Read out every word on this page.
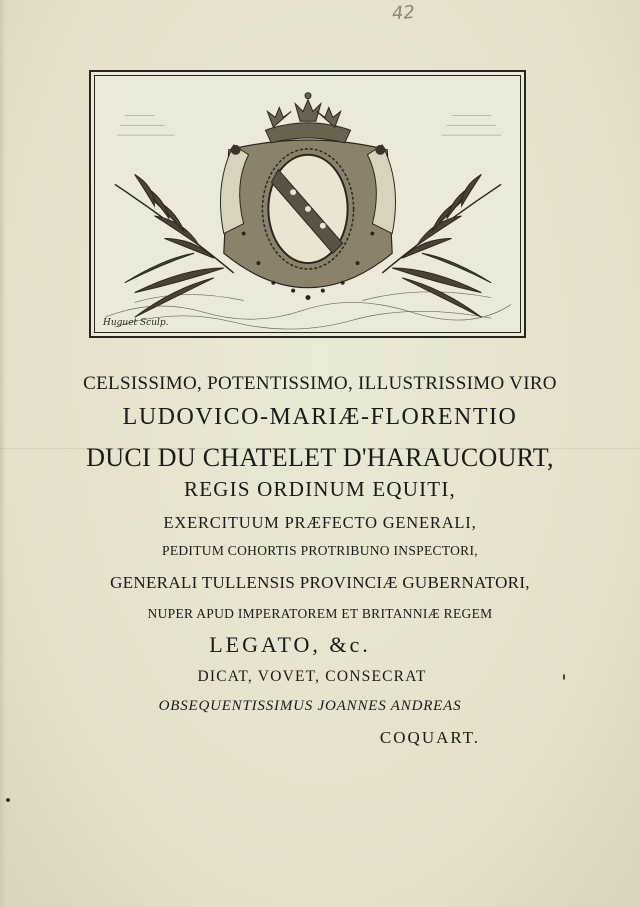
42
Huguet Sculp.
CELSISSIMO, POTENTISSIMO, ILLUSTRISSIMO VIRO
LUDOVICO-MARIÆ-FLORENTIO
DUCI DU CHATELET D'HARAUCOURT,
REGIS ORDINUM EQUITI,
EXERCITUUM PRÆFECTO GENERALI,
PEDITUM COHORTIS PROTRIBUNO INSPECTORI,
GENERALI TULLENSIS PROVINCIÆ GUBERNATORI,
NUPER APUD IMPERATOREM ET BRITANNIÆ REGEM
LEGATO, &c.
DICAT, VOVET, CONSECRAT
OBSEQUENTISSIMUS JOANNES ANDREAS
COQUART.
